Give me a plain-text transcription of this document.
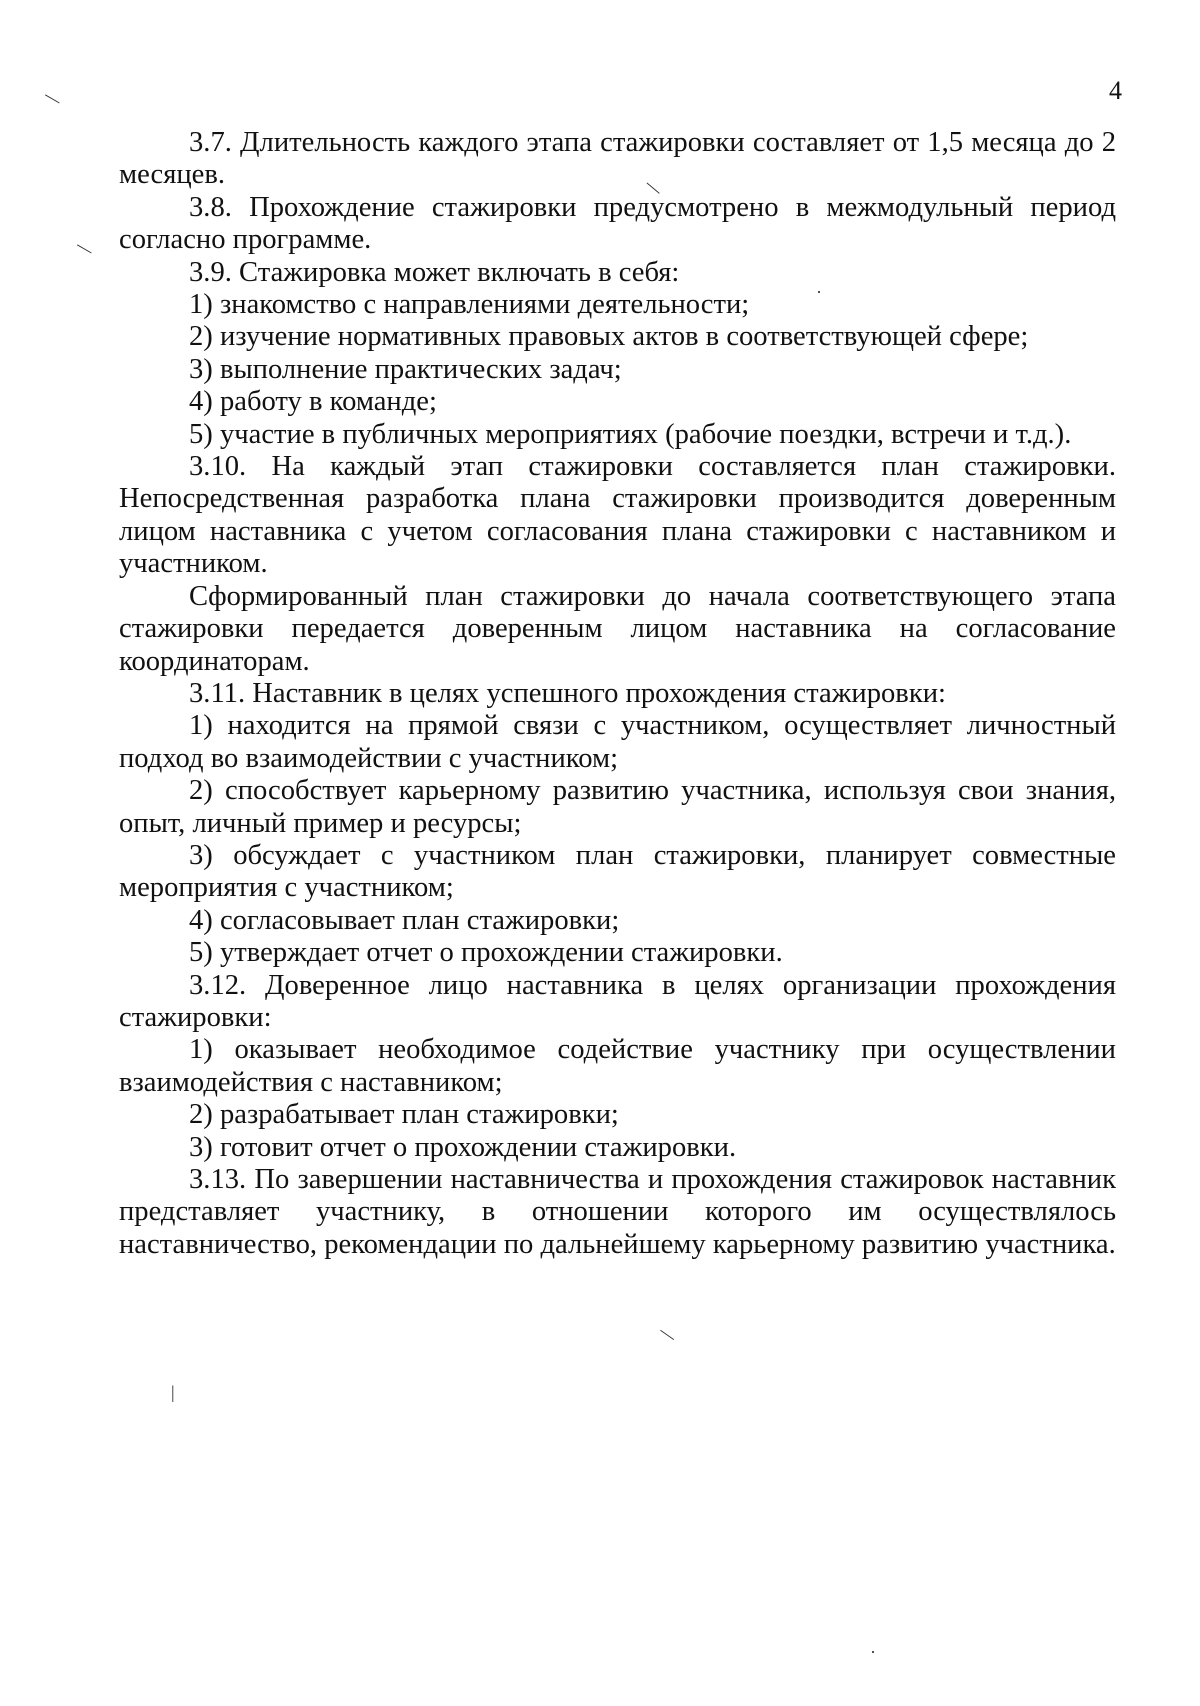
4

3.7. Длительность каждого этапа стажировки составляет от 1,5 месяца до 2 месяцев.

3.8. Прохождение стажировки предусмотрено в межмодульный период согласно программе.

3.9. Стажировка может включать в себя:

1) знакомство с направлениями деятельности;

2) изучение нормативных правовых актов в соответствующей сфере;

3) выполнение практических задач;

4) работу в команде;

5) участие в публичных мероприятиях (рабочие поездки, встречи и т.д.).

3.10. На каждый этап стажировки составляется план стажировки. Непосредственная разработка плана стажировки производится доверенным лицом наставника с учетом согласования плана стажировки с наставником и участником.

Сформированный план стажировки до начала соответствующего этапа стажировки передается доверенным лицом наставника на согласование координаторам.

3.11. Наставник в целях успешного прохождения стажировки:

1) находится на прямой связи с участником, осуществляет личностный подход во взаимодействии с участником;

2) способствует карьерному развитию участника, используя свои знания, опыт, личный пример и ресурсы;

3) обсуждает с участником план стажировки, планирует совместные мероприятия с участником;

4) согласовывает план стажировки;

5) утверждает отчет о прохождении стажировки.

3.12. Доверенное лицо наставника в целях организации прохождения стажировки:

1) оказывает необходимое содействие участнику при осуществлении взаимодействия с наставником;

2) разрабатывает план стажировки;

3) готовит отчет о прохождении стажировки.

3.13. По завершении наставничества и прохождения стажировок наставник представляет участнику, в отношении которого им осуществлялось наставничество, рекомендации по дальнейшему карьерному развитию участника.

|
|
|
·
|
|
·
